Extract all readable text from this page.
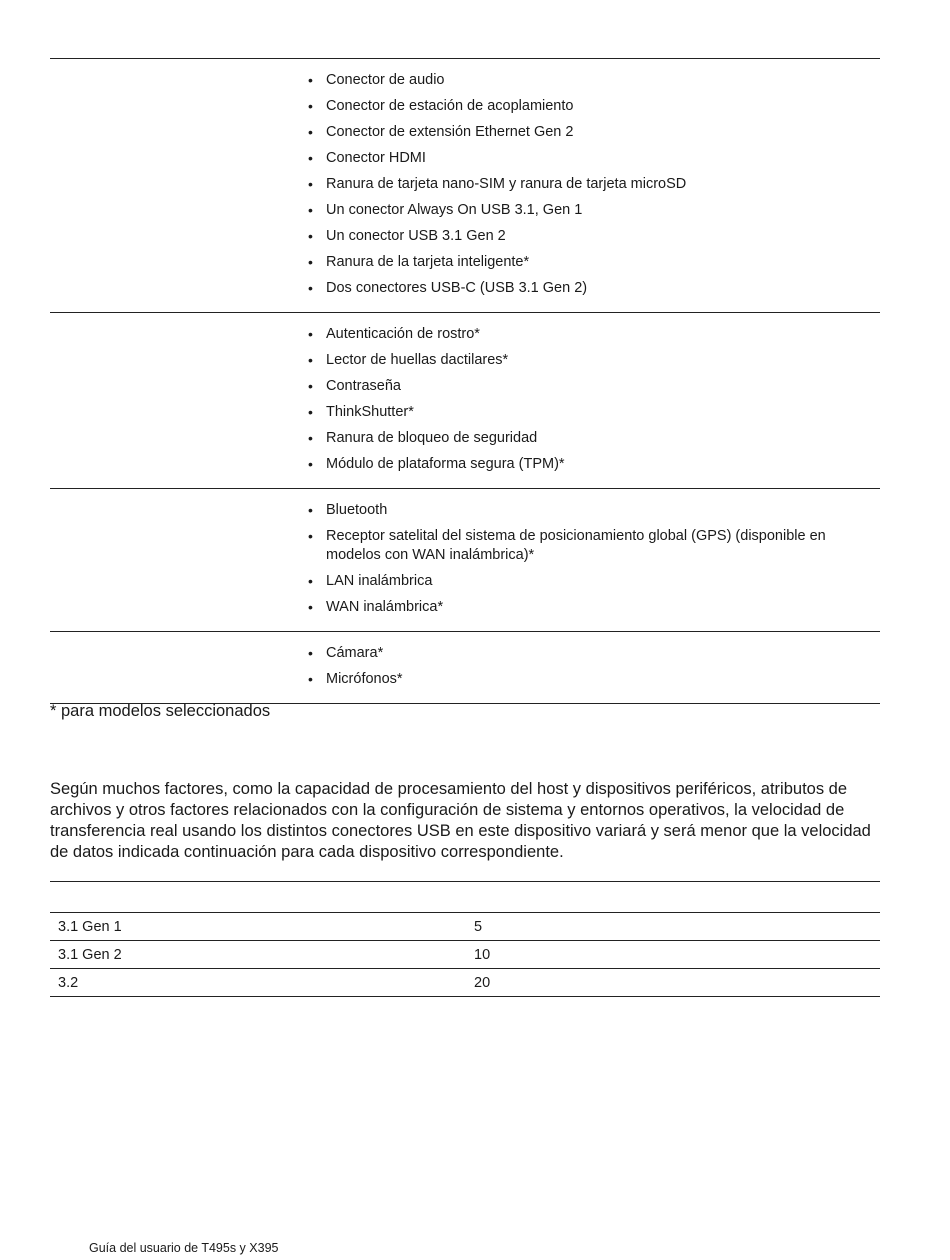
• Conector de audio
• Conector de estación de acoplamiento
• Conector de extensión Ethernet Gen 2
• Conector HDMI
• Ranura de tarjeta nano-SIM y ranura de tarjeta microSD
• Un conector Always On USB 3.1, Gen 1
• Un conector USB 3.1 Gen 2
• Ranura de la tarjeta inteligente*
• Dos conectores USB-C (USB 3.1 Gen 2)
• Autenticación de rostro*
• Lector de huellas dactilares*
• Contraseña
• ThinkShutter*
• Ranura de bloqueo de seguridad
• Módulo de plataforma segura (TPM)*
• Bluetooth
• Receptor satelital del sistema de posicionamiento global (GPS) (disponible en modelos con WAN inalámbrica)*
• LAN inalámbrica
• WAN inalámbrica*
• Cámara*
• Micrófonos*

* para modelos seleccionados

Según muchos factores, como la capacidad de procesamiento del host y dispositivos periféricos, atributos de archivos y otros factores relacionados con la configuración de sistema y entornos operativos, la velocidad de transferencia real usando los distintos conectores USB en este dispositivo variará y será menor que la velocidad de datos indicada continuación para cada dispositivo correspondiente.

3.1 Gen 1	5
3.1 Gen 2	10
3.2	20

Guía del usuario de T495s y X395
